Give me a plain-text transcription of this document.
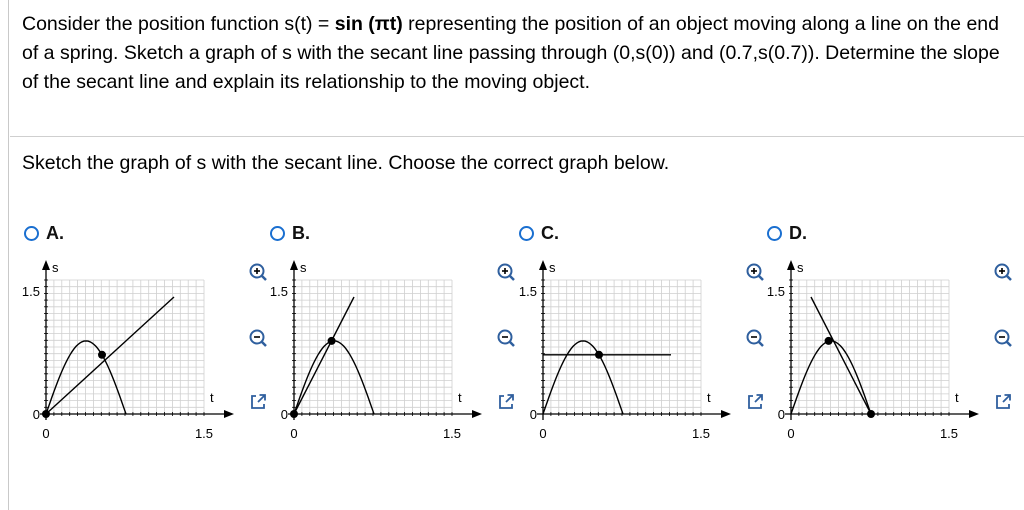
Consider the position function s(t) = sin (πt) representing the position of an object moving along a line on the end of a spring. Sketch a graph of s with the secant line passing through (0,s(0)) and (0.7,s(0.7)). Determine the slope of the secant line and explain its relationship to the moving object.
Sketch the graph of s with the secant line. Choose the correct graph below.
A.	B.	C.	D.
s
t
1.5
0
0	1.5
s
t
1.5
0
0	1.5
s
t
1.5
0
0	1.5
s
t
1.5
0
0	1.5
